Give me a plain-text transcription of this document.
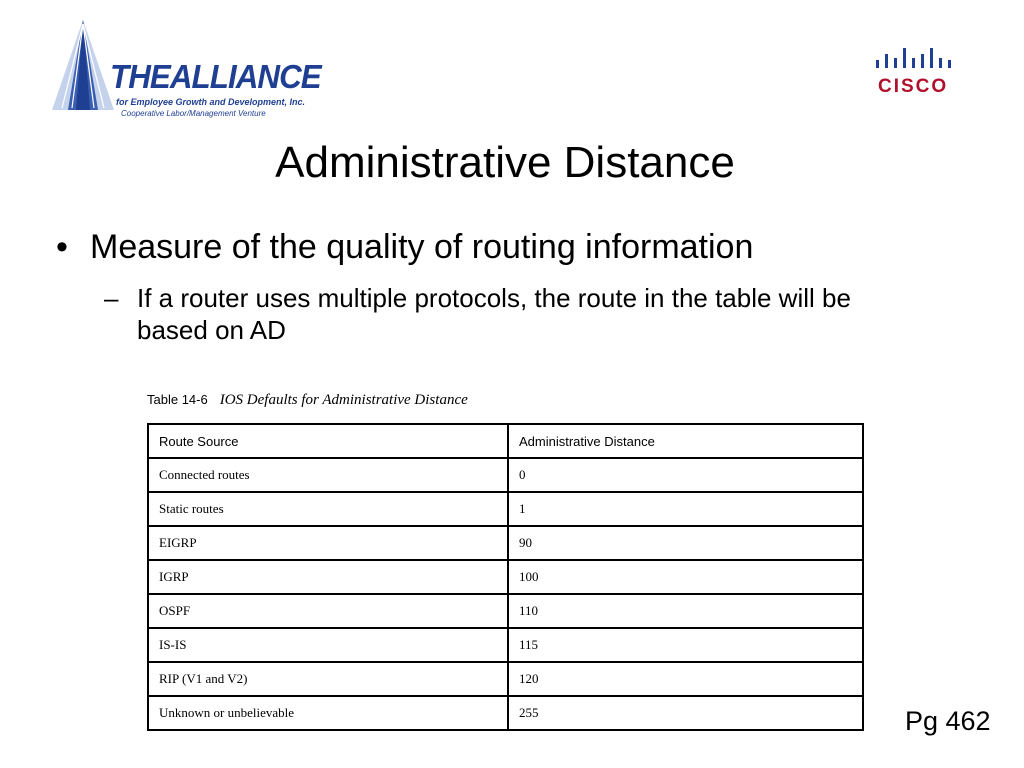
THEALLIANCE
for Employee Growth and Development, Inc.
Cooperative Labor/Management Venture
CISCO
Administrative Distance
• Measure of the quality of routing information
– If a router uses multiple protocols, the route in the table will be based on AD
Table 14-6 IOS Defaults for Administrative Distance
Route Source	Administrative Distance
Connected routes	0
Static routes	1
EIGRP	90
IGRP	100
OSPF	110
IS-IS	115
RIP (V1 and V2)	120
Unknown or unbelievable	255	Pg 462
